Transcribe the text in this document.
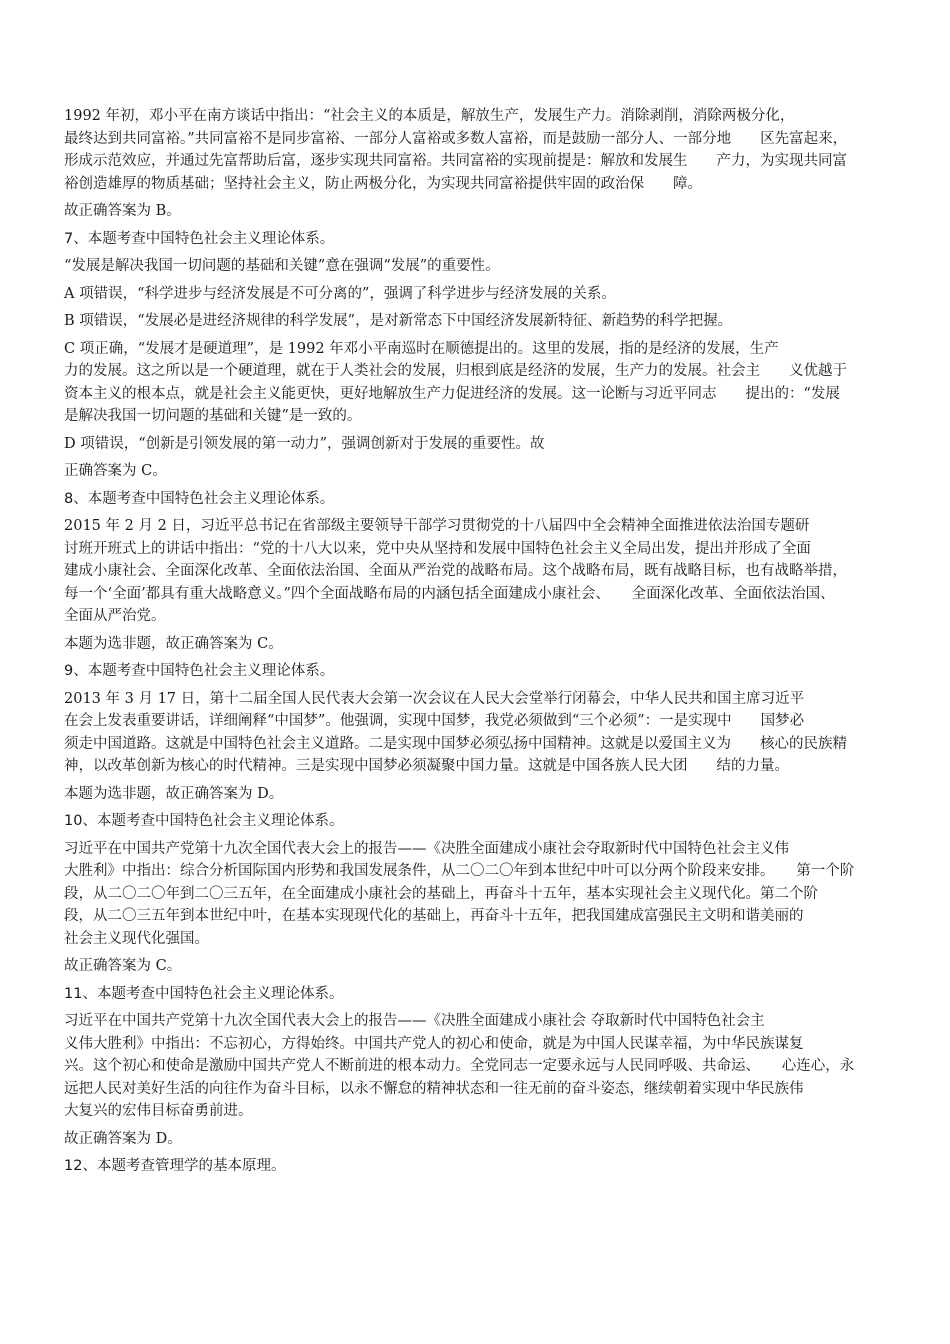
1992 年初，邓小平在南方谈话中指出：“社会主义的本质是，解放生产，发展生产力。消除剥削，消除两极分化，
最终达到共同富裕。”共同富裕不是同步富裕、一部分人富裕或多数人富裕，而是鼓励一部分人、一部分地　　区先富起来，
形成示范效应，并通过先富帮助后富，逐步实现共同富裕。共同富裕的实现前提是：解放和发展生　　产力，为实现共同富
裕创造雄厚的物质基础；坚持社会主义，防止两极分化，为实现共同富裕提供牢固的政治保　　障。
故正确答案为 B。
7、本题考查中国特色社会主义理论体系。
“发展是解决我国一切问题的基础和关键”意在强调“发展”的重要性。
A 项错误，“科学进步与经济发展是不可分离的”，强调了科学进步与经济发展的关系。
B 项错误，“发展必是进经济规律的科学发展”，是对新常态下中国经济发展新特征、新趋势的科学把握。
C 项正确，“发展才是硬道理”，是 1992 年邓小平南巡时在顺德提出的。这里的发展，指的是经济的发展，生产
力的发展。这之所以是一个硬道理，就在于人类社会的发展，归根到底是经济的发展，生产力的发展。社会主　　义优越于
资本主义的根本点，就是社会主义能更快，更好地解放生产力促进经济的发展。这一论断与习近平同志　　提出的：“发展
是解决我国一切问题的基础和关键”是一致的。
D 项错误，“创新是引领发展的第一动力”，强调创新对于发展的重要性。故
正确答案为 C。
8、本题考查中国特色社会主义理论体系。
2015 年 2 月 2 日，习近平总书记在省部级主要领导干部学习贯彻党的十八届四中全会精神全面推进依法治国专题研
讨班开班式上的讲话中指出：“党的十八大以来，党中央从坚持和发展中国特色社会主义全局出发，提出并形成了全面
建成小康社会、全面深化改革、全面依法治国、全面从严治党的战略布局。这个战略布局，既有战略目标，也有战略举措，
每一个‘全面’都具有重大战略意义。”四个全面战略布局的内涵包括全面建成小康社会、　　全面深化改革、全面依法治国、
全面从严治党。
本题为选非题，故正确答案为 C。
9、本题考查中国特色社会主义理论体系。
2013 年 3 月 17 日，第十二届全国人民代表大会第一次会议在人民大会堂举行闭幕会，中华人民共和国主席习近平
在会上发表重要讲话，详细阐释“中国梦”。他强调，实现中国梦，我党必须做到“三个必须”：一是实现中　　国梦必
须走中国道路。这就是中国特色社会主义道路。二是实现中国梦必须弘扬中国精神。这就是以爱国主义为　　核心的民族精
神，以改革创新为核心的时代精神。三是实现中国梦必须凝聚中国力量。这就是中国各族人民大团　　结的力量。
本题为选非题，故正确答案为 D。
10、本题考查中国特色社会主义理论体系。
习近平在中国共产党第十九次全国代表大会上的报告——《决胜全面建成小康社会夺取新时代中国特色社会主义伟
大胜利》中指出：综合分析国际国内形势和我国发展条件，从二〇二〇年到本世纪中叶可以分两个阶段来安排。　　第一个阶
段，从二〇二〇年到二〇三五年，在全面建成小康社会的基础上，再奋斗十五年，基本实现社会主义现代化。第二个阶
段，从二〇三五年到本世纪中叶，在基本实现现代化的基础上，再奋斗十五年，把我国建成富强民主文明和谐美丽的
社会主义现代化强国。
故正确答案为 C。
11、本题考查中国特色社会主义理论体系。
习近平在中国共产党第十九次全国代表大会上的报告——《决胜全面建成小康社会 夺取新时代中国特色社会主
义伟大胜利》中指出：不忘初心，方得始终。中国共产党人的初心和使命，就是为中国人民谋幸福，为中华民族谋复
兴。这个初心和使命是激励中国共产党人不断前进的根本动力。全党同志一定要永远与人民同呼吸、共命运、　　心连心，永
远把人民对美好生活的向往作为奋斗目标，以永不懈怠的精神状态和一往无前的奋斗姿态，继续朝着实现中华民族伟
大复兴的宏伟目标奋勇前进。
故正确答案为 D。
12、本题考查管理学的基本原理。
